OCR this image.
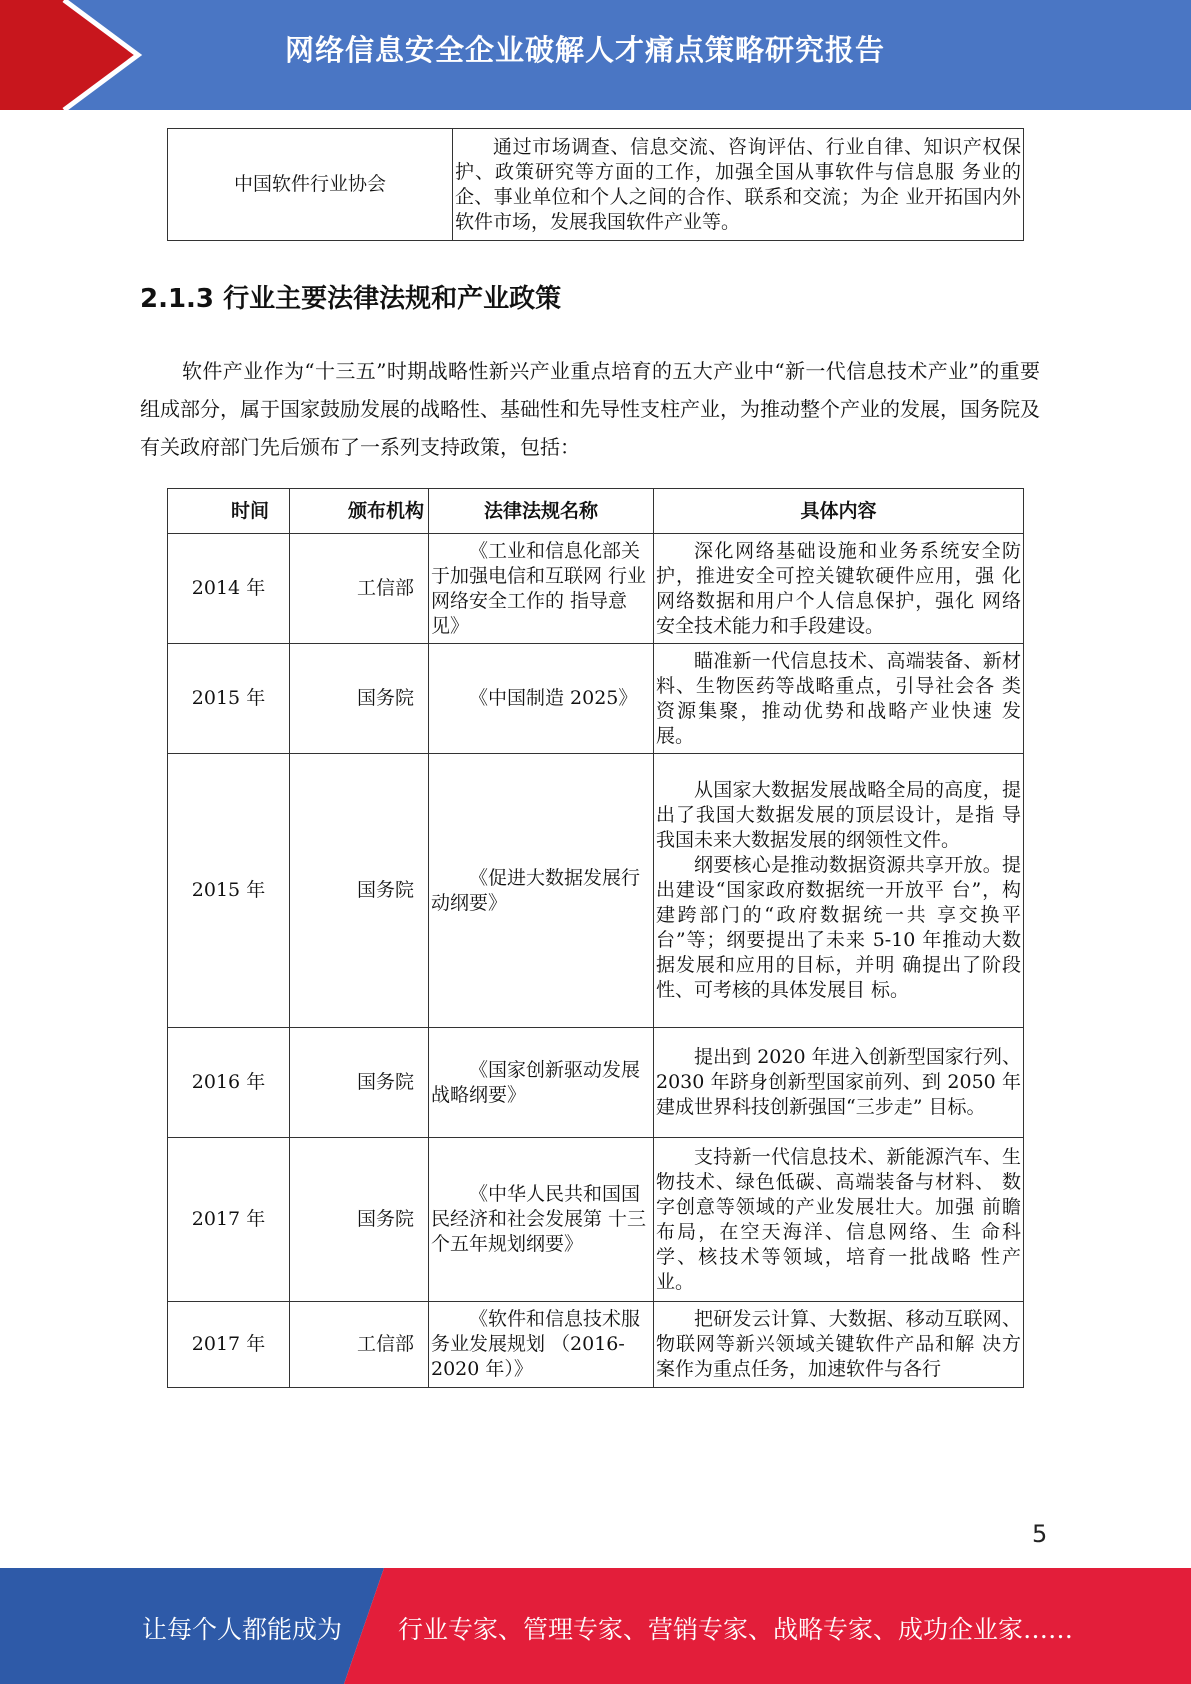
网络信息安全企业破解人才痛点策略研究报告
中国软件行业协会	通过市场调查、信息交流、咨询评估、行业自律、知识产权保护、政策研究等方面的工作，加强全国从事软件与信息服 务业的企、事业单位和个人之间的合作、联系和交流；为企 业开拓国内外软件市场，发展我国软件产业等。
2.1.3 行业主要法律法规和产业政策

软件产业作为“十三五”时期战略性新兴产业重点培育的五大产业中“新一代信息技术产业”的重要组成部分，属于国家鼓励发展的战略性、基础性和先导性支柱产业，为推动整个产业的发展，国务院及有关政府部门先后颁布了一系列支持政策，包括：

时间	颁布机构	法律法规名称	具体内容
2014 年	工信部	《工业和信息化部关于加强电信和互联网 行业网络安全工作的 指导意见》	深化网络基础设施和业务系统安全防护，推进安全可控关键软硬件应用，强 化网络数据和用户个人信息保护，强化 网络安全技术能力和手段建设。
2015 年	国务院	《中国制造 2025》	瞄准新一代信息技术、高端装备、新材料、生物医药等战略重点，引导社会各 类资源集聚，推动优势和战略产业快速 发展。
2015 年	国务院	《促进大数据发展行动纲要》	从国家大数据发展战略全局的高度，提出了我国大数据发展的顶层设计，是指 导我国未来大数据发展的纲领性文件。
纲要核心是推动数据资源共享开放。提出建设“国家政府数据统一开放平 台”，构建跨部门的“政府数据统一共 享交换平台”等；纲要提出了未来 5-10 年推动大数据发展和应用的目标，并明 确提出了阶段性、可考核的具体发展目 标。

2016 年	国务院	《国家创新驱动发展战略纲要》	提出到 2020 年进入创新型国家行列、2030 年跻身创新型国家前列、到 2050 年建成世界科技创新强国“三步走” 目标。
2017 年	国务院	《中华人民共和国国民经济和社会发展第 十三个五年规划纲要》	支持新一代信息技术、新能源汽车、生物技术、绿色低碳、高端装备与材料、 数字创意等领域的产业发展壮大。加强 前瞻布局，在空天海洋、信息网络、生 命科学、核技术等领域，培育一批战略 性产业。
2017 年	工信部	《软件和信息技术服务业发展规划 （2016-2020 年）》	把研发云计算、大数据、移动互联网、物联网等新兴领域关键软件产品和解 决方案作为重点任务，加速软件与各行
5
让每个人都能成为 行业专家、管理专家、营销专家、战略专家、成功企业家……
